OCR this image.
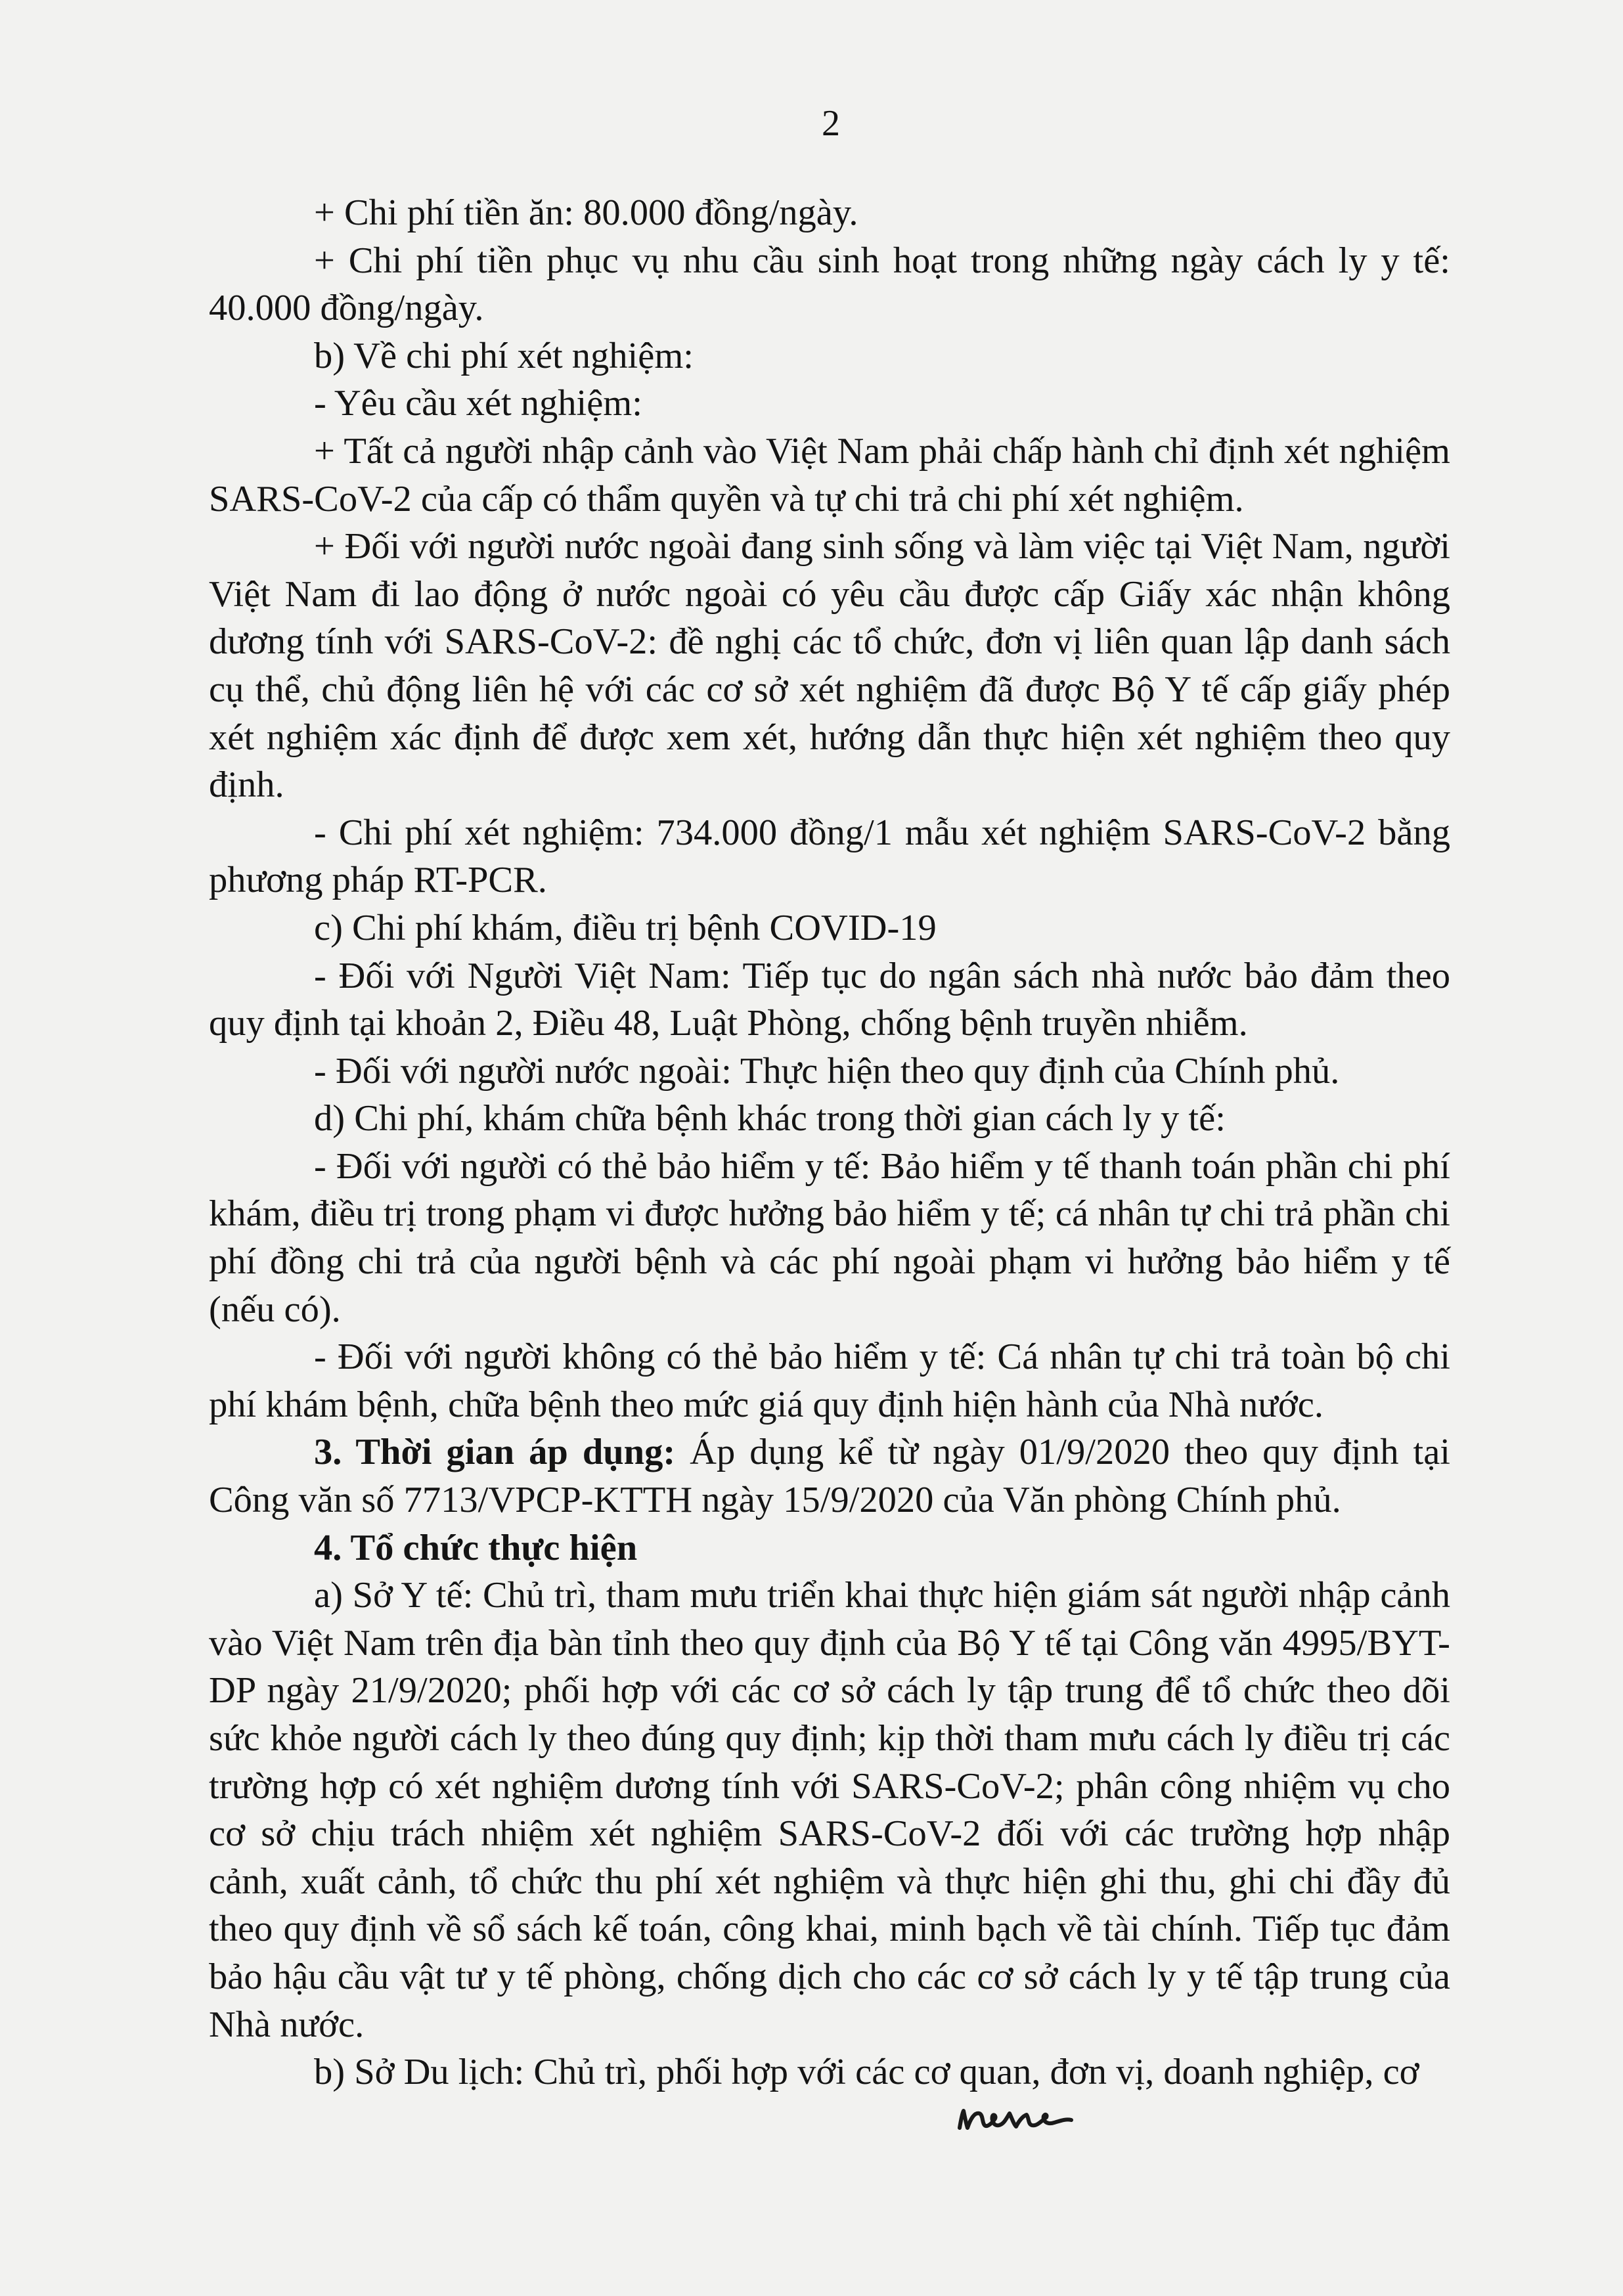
2

+ Chi phí tiền ăn: 80.000 đồng/ngày.

+ Chi phí tiền phục vụ nhu cầu sinh hoạt trong những ngày cách ly y tế: 40.000 đồng/ngày.

b) Về chi phí xét nghiệm:

- Yêu cầu xét nghiệm:

+ Tất cả người nhập cảnh vào Việt Nam phải chấp hành chỉ định xét nghiệm SARS-CoV-2 của cấp có thẩm quyền và tự chi trả chi phí xét nghiệm.

+ Đối với người nước ngoài đang sinh sống và làm việc tại Việt Nam, người Việt Nam đi lao động ở nước ngoài có yêu cầu được cấp Giấy xác nhận không dương tính với SARS-CoV-2: đề nghị các tổ chức, đơn vị liên quan lập danh sách cụ thể, chủ động liên hệ với các cơ sở xét nghiệm đã được Bộ Y tế cấp giấy phép xét nghiệm xác định để được xem xét, hướng dẫn thực hiện xét nghiệm theo quy định.

- Chi phí xét nghiệm: 734.000 đồng/1 mẫu xét nghiệm SARS-CoV-2 bằng phương pháp RT-PCR.

c) Chi phí khám, điều trị bệnh COVID-19

- Đối với Người Việt Nam: Tiếp tục do ngân sách nhà nước bảo đảm theo quy định tại khoản 2, Điều 48, Luật Phòng, chống bệnh truyền nhiễm.

- Đối với người nước ngoài: Thực hiện theo quy định của Chính phủ.

d) Chi phí, khám chữa bệnh khác trong thời gian cách ly y tế:

- Đối với người có thẻ bảo hiểm y tế: Bảo hiểm y tế thanh toán phần chi phí khám, điều trị trong phạm vi được hưởng bảo hiểm y tế; cá nhân tự chi trả phần chi phí đồng chi trả của người bệnh và các phí ngoài phạm vi hưởng bảo hiểm y tế (nếu có).

- Đối với người không có thẻ bảo hiểm y tế: Cá nhân tự chi trả toàn bộ chi phí khám bệnh, chữa bệnh theo mức giá quy định hiện hành của Nhà nước.

3. Thời gian áp dụng: Áp dụng kể từ ngày 01/9/2020 theo quy định tại Công văn số 7713/VPCP-KTTH ngày 15/9/2020 của Văn phòng Chính phủ.

4. Tổ chức thực hiện

a) Sở Y tế: Chủ trì, tham mưu triển khai thực hiện giám sát người nhập cảnh vào Việt Nam trên địa bàn tỉnh theo quy định của Bộ Y tế tại Công văn 4995/BYT-DP ngày 21/9/2020; phối hợp với các cơ sở cách ly tập trung để tổ chức theo dõi sức khỏe người cách ly theo đúng quy định; kịp thời tham mưu cách ly điều trị các trường hợp có xét nghiệm dương tính với SARS-CoV-2; phân công nhiệm vụ cho cơ sở chịu trách nhiệm xét nghiệm SARS-CoV-2 đối với các trường hợp nhập cảnh, xuất cảnh, tổ chức thu phí xét nghiệm và thực hiện ghi thu, ghi chi đầy đủ theo quy định về sổ sách kế toán, công khai, minh bạch về tài chính. Tiếp tục đảm bảo hậu cầu vật tư y tế phòng, chống dịch cho các cơ sở cách ly y tế tập trung của Nhà nước.

b) Sở Du lịch: Chủ trì, phối hợp với các cơ quan, đơn vị, doanh nghiệp, cơ
